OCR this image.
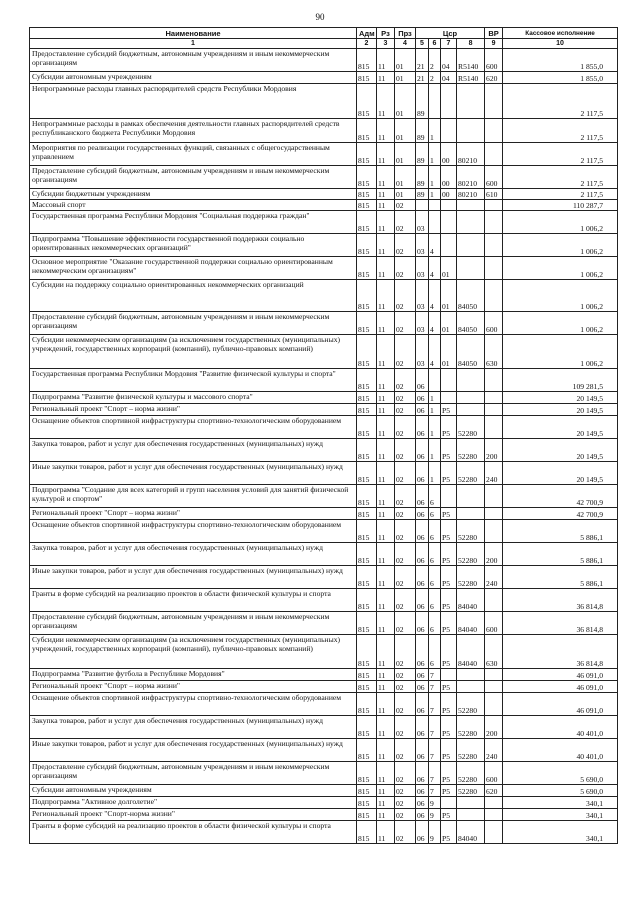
90
Наименование	Адм	Рз	Прз	Цср				ВР	Кассовое исполнение
1	2	3	4	5	6	7	8	9	10
Предоставление субсидий бюджетным, автономным учреждениям и иным некоммерческим организациям	815	11	01	21	2	04	R5140	600	1 855,0
Субсидии автономным учреждениям	815	11	01	21	2	04	R5140	620	1 855,0
Непрограммные расходы главных распорядителей средств Республики Мордовия	815	11	01	89					2 117,5
Непрограммные расходы в рамках обеспечения деятельности главных распорядителей средств республиканского бюджета Республики Мордовия	815	11	01	89	1				2 117,5
Мероприятия по реализации государственных функций, связанных с общегосударственным управлением	815	11	01	89	1	00	80210		2 117,5
Предоставление субсидий бюджетным, автономным учреждениям и иным некоммерческим организациям	815	11	01	89	1	00	80210	600	2 117,5
Субсидии бюджетным учреждениям	815	11	01	89	1	00	80210	610	2 117,5
Массовый спорт	815	11	02						110 287,7
Государственная программа Республики Мордовия "Социальная поддержка граждан"	815	11	02	03					1 006,2
Подпрограмма "Повышение эффективности государственной поддержки социально ориентированных некоммерческих организаций"	815	11	02	03	4				1 006,2
Основное мероприятие "Оказание государственной поддержки социально ориентированным некоммерческим организациям"	815	11	02	03	4	01			1 006,2
Субсидии на поддержку социально ориентированных некоммерческих организаций	815	11	02	03	4	01	84050		1 006,2
Предоставление субсидий бюджетным, автономным учреждениям и иным некоммерческим организациям	815	11	02	03	4	01	84050	600	1 006,2
Субсидии некоммерческим организациям (за исключением государственных (муниципальных) учреждений, государственных корпораций (компаний), публично-правовых компаний)	815	11	02	03	4	01	84050	630	1 006,2
Государственная программа Республики Мордовия "Развитие физической культуры и спорта"	815	11	02	06					109 281,5
Подпрограмма "Развитие физической культуры и массового спорта"	815	11	02	06	1				20 149,5
Региональный проект "Спорт – норма жизни"	815	11	02	06	1	P5			20 149,5
Оснащение объектов спортивной инфраструктуры спортивно-технологическим оборудованием	815	11	02	06	1	P5	52280		20 149,5
Закупка товаров, работ и услуг для обеспечения государственных (муниципальных) нужд	815	11	02	06	1	P5	52280	200	20 149,5
Иные закупки товаров, работ и услуг для обеспечения государственных (муниципальных) нужд	815	11	02	06	1	P5	52280	240	20 149,5
Подпрограмма "Создание для всех категорий и групп населения условий для занятий физической культурой и спортом"	815	11	02	06	6				42 700,9
Региональный проект "Спорт – норма жизни"	815	11	02	06	6	P5			42 700,9
Оснащение объектов спортивной инфраструктуры спортивно-технологическим оборудованием	815	11	02	06	6	P5	52280		5 886,1
Закупка товаров, работ и услуг для обеспечения государственных (муниципальных) нужд	815	11	02	06	6	P5	52280	200	5 886,1
Иные закупки товаров, работ и услуг для обеспечения государственных (муниципальных) нужд	815	11	02	06	6	P5	52280	240	5 886,1
Гранты в форме субсидий на реализацию проектов в области физической культуры и спорта	815	11	02	06	6	P5	84040		36 814,8
Предоставление субсидий бюджетным, автономным учреждениям и иным некоммерческим организациям	815	11	02	06	6	P5	84040	600	36 814,8
Субсидии некоммерческим организациям (за исключением государственных (муниципальных) учреждений, государственных корпораций (компаний), публично-правовых компаний)	815	11	02	06	6	P5	84040	630	36 814,8
Подпрограмма "Развитие футбола в Республике Мордовия"	815	11	02	06	7				46 091,0
Региональный проект "Спорт – норма жизни"	815	11	02	06	7	P5			46 091,0
Оснащение объектов спортивной инфраструктуры спортивно-технологическим оборудованием	815	11	02	06	7	P5	52280		46 091,0
Закупка товаров, работ и услуг для обеспечения государственных (муниципальных) нужд	815	11	02	06	7	P5	52280	200	40 401,0
Иные закупки товаров, работ и услуг для обеспечения государственных (муниципальных) нужд	815	11	02	06	7	P5	52280	240	40 401,0
Предоставление субсидий бюджетным, автономным учреждениям и иным некоммерческим организациям	815	11	02	06	7	P5	52280	600	5 690,0
Субсидии автономным учреждениям	815	11	02	06	7	P5	52280	620	5 690,0
Подпрограмма "Активное долголетие"	815	11	02	06	9				340,1
Региональный проект "Спорт-норма жизни"	815	11	02	06	9	P5			340,1
Гранты в форме субсидий на реализацию проектов в области физической культуры и спорта	815	11	02	06	9	P5	84040		340,1
